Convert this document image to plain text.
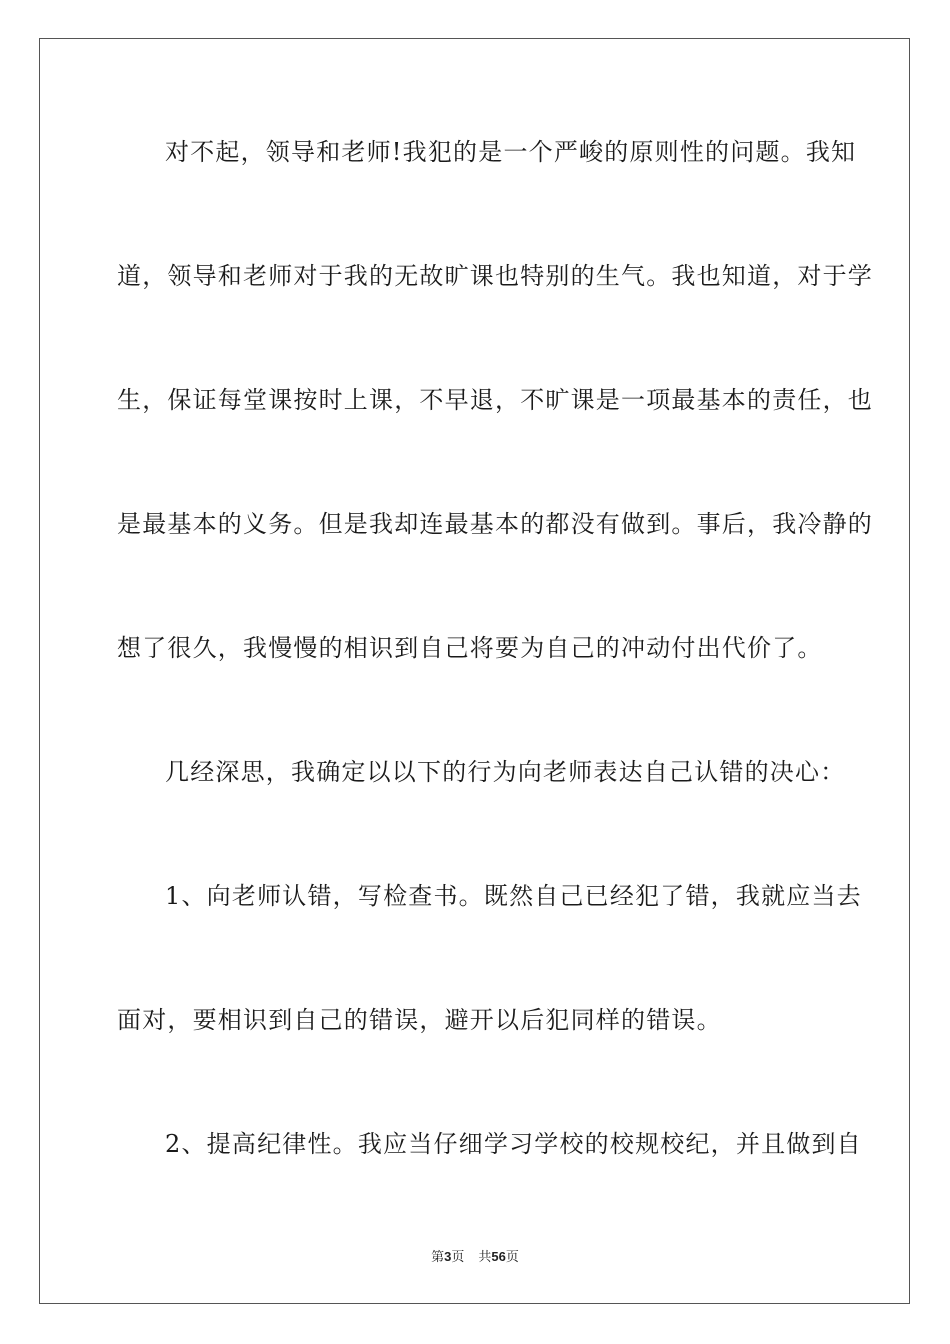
对不起，领导和老师!我犯的是一个严峻的原则性的问题。我知
道，领导和老师对于我的无故旷课也特别的生气。我也知道，对于学
生，保证每堂课按时上课，不早退，不旷课是一项最基本的责任，也
是最基本的义务。但是我却连最基本的都没有做到。事后，我冷静的
想了很久，我慢慢的相识到自己将要为自己的冲动付出代价了。
几经深思，我确定以以下的行为向老师表达自己认错的决心：
1、向老师认错，写检查书。既然自己已经犯了错，我就应当去
面对，要相识到自己的错误，避开以后犯同样的错误。
2、提高纪律性。我应当仔细学习学校的校规校纪，并且做到自
第3页 共56页
